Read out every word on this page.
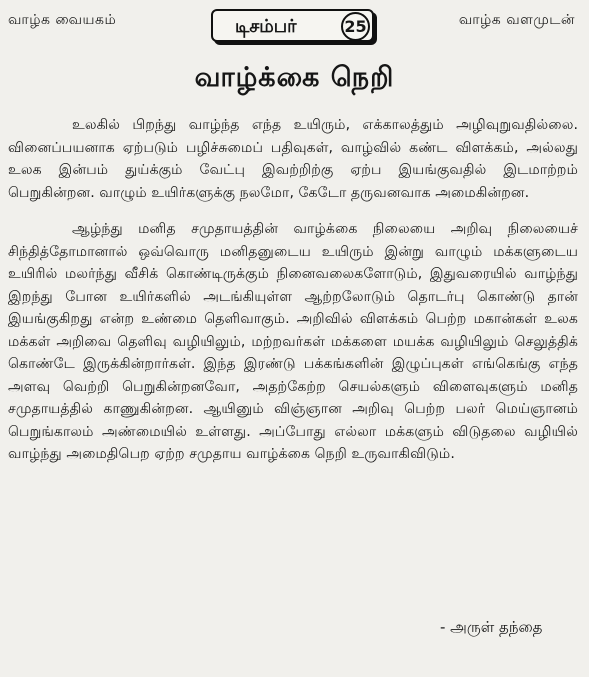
வாழ்க வையகம்	வாழ்க வளமுடன்
டிசம்பர்	25
வாழ்க்கை நெறி

உலகில் பிறந்து வாழ்ந்த எந்த உயிரும், எக்காலத்தும் அழிவுறுவதில்லை. வினைப்பயனாக ஏற்படும் பழிச்சுமைப் பதிவுகள், வாழ்வில் கண்ட விளக்கம், அல்லது உலக இன்பம் துய்க்கும் வேட்பு இவற்றிற்கு ஏற்ப இயங்குவதில் இடமாற்றம் பெறுகின்றன. வாழும் உயிர்களுக்கு நலமோ, கேடோ தருவனவாக அமைகின்றன.

ஆழ்ந்து மனித சமுதாயத்தின் வாழ்க்கை நிலையை அறிவு நிலையைச் சிந்தித்தோமானால் ஒவ்வொரு மனிதனுடைய உயிரும் இன்று வாழும் மக்களுடைய உயிரில் மலர்ந்து வீசிக் கொண்டிருக்கும் நினைவலைகளோடும், இதுவரையில் வாழ்ந்து இறந்து போன உயிர்களில் அடங்கியுள்ள ஆற்றலோடும் தொடர்பு கொண்டு தான் இயங்குகிறது என்ற உண்மை தெளிவாகும். அறிவில் விளக்கம் பெற்ற மகான்கள் உலக மக்கள் அறிவை தெளிவு வழியிலும், மற்றவர்கள் மக்களை மயக்க வழியிலும் செலுத்திக் கொண்டே இருக்கின்றார்கள். இந்த இரண்டு பக்கங்களின் இழுப்புகள் எங்கெங்கு எந்த அளவு வெற்றி பெறுகின்றனவோ, அதற்கேற்ற செயல்களும் விளைவுகளும் மனித சமுதாயத்தில் காணுகின்றன. ஆயினும் விஞ்ஞான அறிவு பெற்ற பலர் மெய்ஞானம் பெறுங்காலம் அண்மையில் உள்ளது. அப்போது எல்லா மக்களும் விடுதலை வழியில் வாழ்ந்து அமைதிபெற ஏற்ற சமுதாய வாழ்க்கை நெறி உருவாகிவிடும்.

- அருள் தந்தை
